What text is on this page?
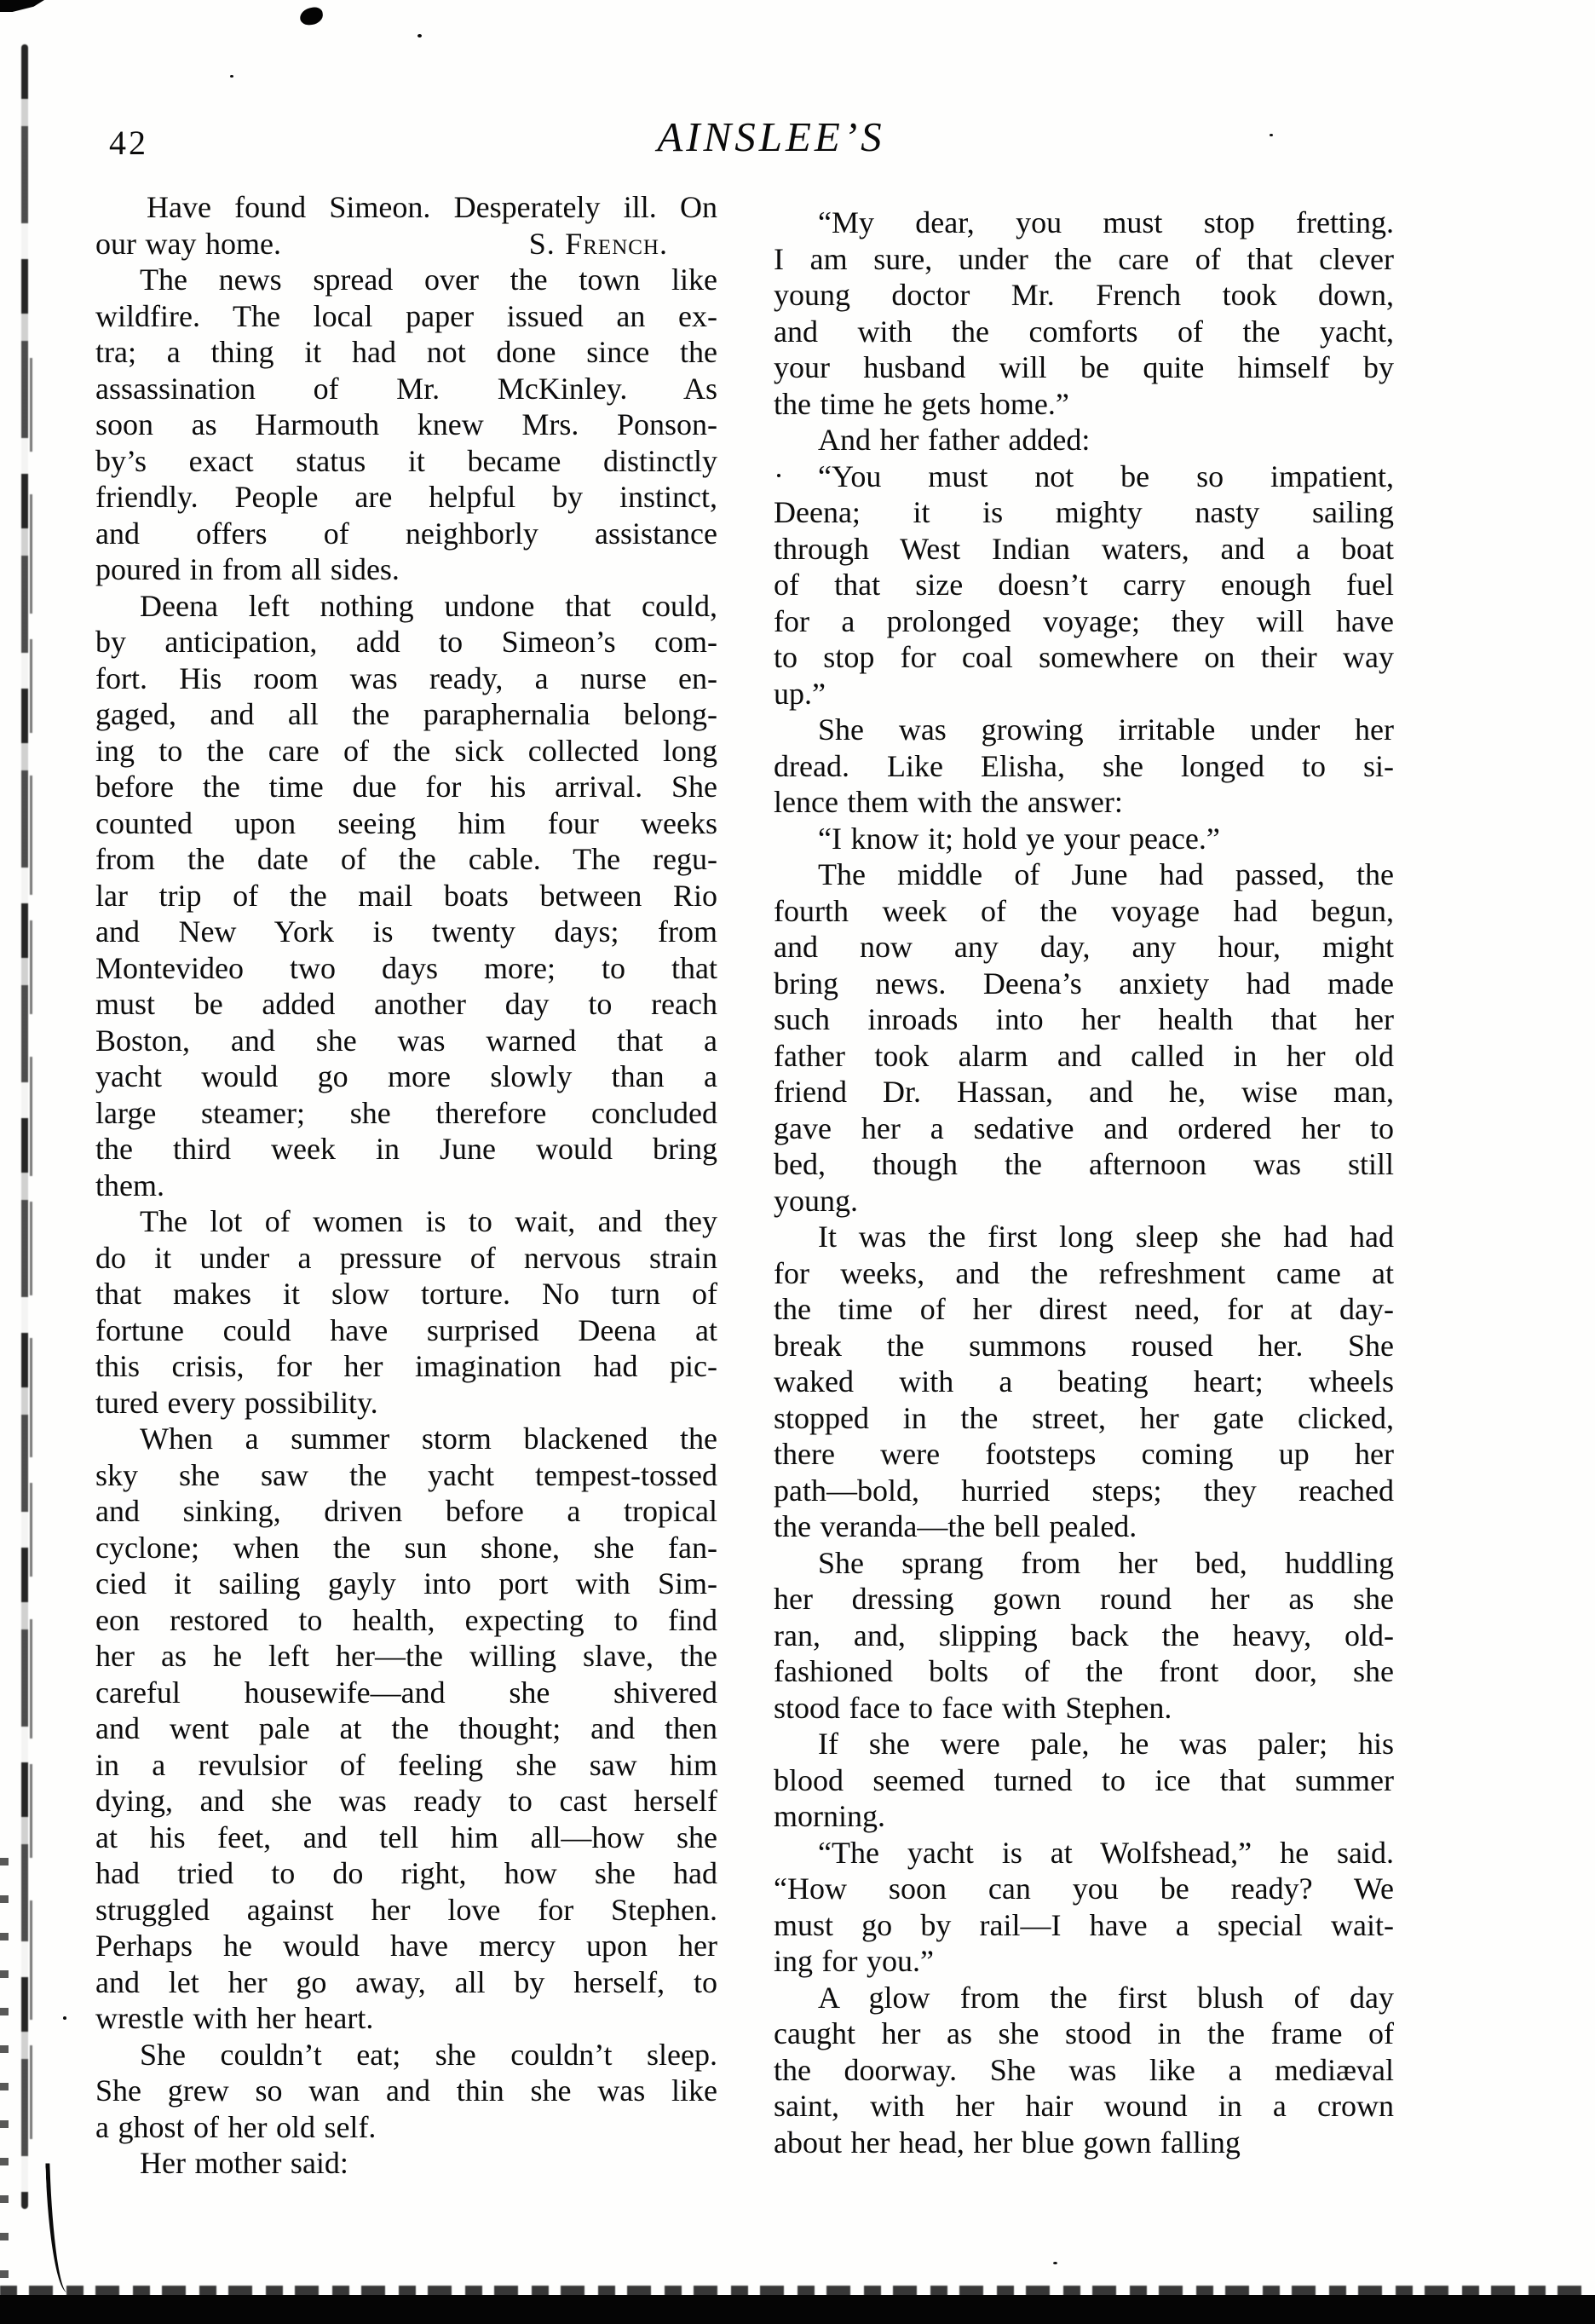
42	AINSLEE’S
Have found Simeon. Desperately ill. On
our way home.	S. French.
The news spread over the town like
wildfire. The local paper issued an ex-
tra; a thing it had not done since the
assassination of Mr. McKinley. As
soon as Harmouth knew Mrs. Ponson-
by’s exact status it became distinctly
friendly. People are helpful by instinct,
and offers of neighborly assistance
poured in from all sides.
Deena left nothing undone that could,
by anticipation, add to Simeon’s com-
fort. His room was ready, a nurse en-
gaged, and all the paraphernalia belong-
ing to the care of the sick collected long
before the time due for his arrival. She
counted upon seeing him four weeks
from the date of the cable. The regu-
lar trip of the mail boats between Rio
and New York is twenty days; from
Montevideo two days more; to that
must be added another day to reach
Boston, and she was warned that a
yacht would go more slowly than a
large steamer; she therefore concluded
the third week in June would bring
them.
The lot of women is to wait, and they
do it under a pressure of nervous strain
that makes it slow torture. No turn of
fortune could have surprised Deena at
this crisis, for her imagination had pic-
tured every possibility.
When a summer storm blackened the
sky she saw the yacht tempest-tossed
and sinking, driven before a tropical
cyclone; when the sun shone, she fan-
cied it sailing gayly into port with Sim-
eon restored to health, expecting to find
her as he left her—the willing slave, the
careful housewife—and she shivered
and went pale at the thought; and then
in a revulsior of feeling she saw him
dying, and she was ready to cast herself
at his feet, and tell him all—how she
had tried to do right, how she had
struggled against her love for Stephen.
Perhaps he would have mercy upon her
and let her go away, all by herself, to
wrestle with her heart.
She couldn’t eat; she couldn’t sleep.
She grew so wan and thin she was like
a ghost of her old self.
Her mother said:
“My dear, you must stop fretting.
I am sure, under the care of that clever
young doctor Mr. French took down,
and with the comforts of the yacht,
your husband will be quite himself by
the time he gets home.”
And her father added:
“You must not be so impatient,
Deena; it is mighty nasty sailing
through West Indian waters, and a boat
of that size doesn’t carry enough fuel
for a prolonged voyage; they will have
to stop for coal somewhere on their way
up.”
She was growing irritable under her
dread. Like Elisha, she longed to si-
lence them with the answer:
“I know it; hold ye your peace.”
The middle of June had passed, the
fourth week of the voyage had begun,
and now any day, any hour, might
bring news. Deena’s anxiety had made
such inroads into her health that her
father took alarm and called in her old
friend Dr. Hassan, and he, wise man,
gave her a sedative and ordered her to
bed, though the afternoon was still
young.
It was the first long sleep she had had
for weeks, and the refreshment came at
the time of her direst need, for at day-
break the summons roused her. She
waked with a beating heart; wheels
stopped in the street, her gate clicked,
there were footsteps coming up her
path—bold, hurried steps; they reached
the veranda—the bell pealed.
She sprang from her bed, huddling
her dressing gown round her as she
ran, and, slipping back the heavy, old-
fashioned bolts of the front door, she
stood face to face with Stephen.
If she were pale, he was paler; his
blood seemed turned to ice that summer
morning.
“The yacht is at Wolfshead,” he said.
“How soon can you be ready? We
must go by rail—I have a special wait-
ing for you.”
A glow from the first blush of day
caught her as she stood in the frame of
the doorway. She was like a mediæval
saint, with her hair wound in a crown
about her head, her blue gown falling
